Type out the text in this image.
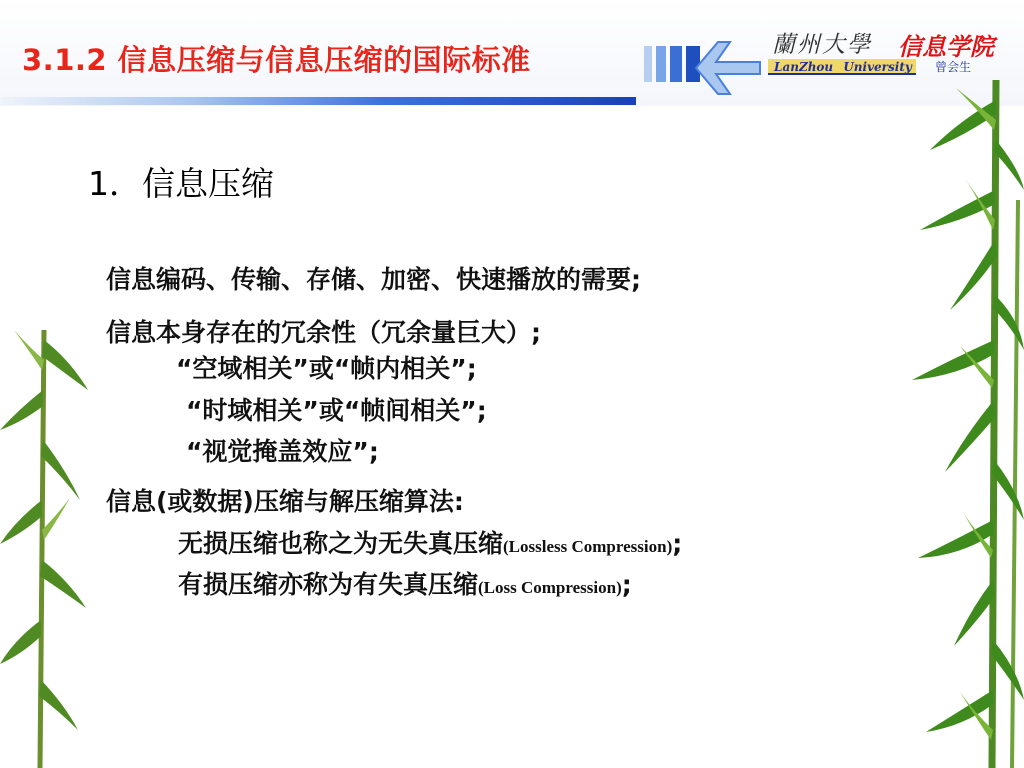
3.1.2 信息压缩与信息压缩的国际标准	蘭州大學
LanZhou University
信息学院
曾会生
1．信息压缩
信息编码、传输、存储、加密、快速播放的需要;
信息本身存在的冗余性（冗余量巨大）;
“空域相关”或“帧内相关”;
“时域相关”或“帧间相关”;
“视觉掩盖效应”;
信息(或数据)压缩与解压缩算法:
无损压缩也称之为无失真压缩(Lossless Compression);
有损压缩亦称为有失真压缩(Loss Compression);
